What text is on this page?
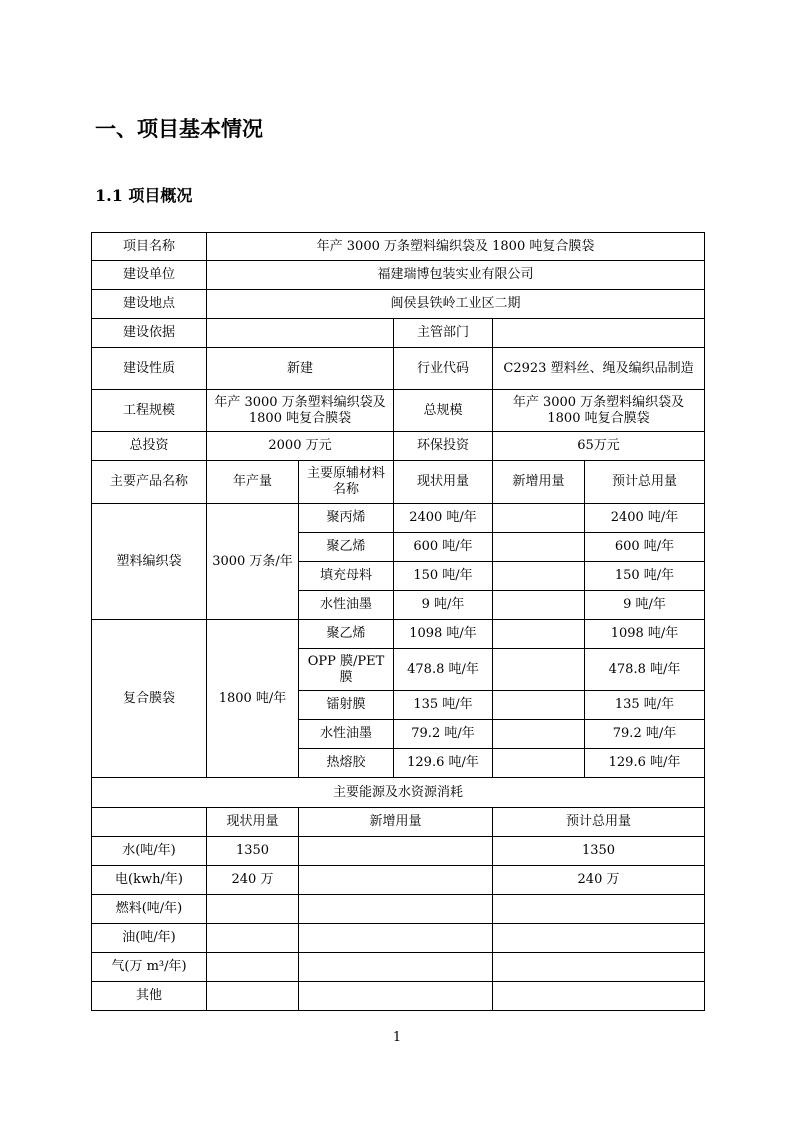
一、项目基本情况
1.1 项目概况
项目名称	年产 3000 万条塑料编织袋及 1800 吨复合膜袋				
建设单位	福建瑞博包装实业有限公司				
建设地点	闽侯县铁岭工业区二期				
建设依据			主管部门		
建设性质	新建		行业代码	C2923 塑料丝、绳及编织品制造	
工程规模	年产 3000 万条塑料编织袋及 1800 吨复合膜袋		总规模	年产 3000 万条塑料编织袋及 1800 吨复合膜袋	
总投资	2000 万元		环保投资	65万元	
主要产品名称	年产量	主要原辅材料名称	现状用量	新增用量	预计总用量
塑料编织袋	3000 万条/年	聚丙烯	2400 吨/年		2400 吨/年
		聚乙烯	600 吨/年		600 吨/年
		填充母料	150 吨/年		150 吨/年
		水性油墨	9 吨/年		9 吨/年
复合膜袋	1800 吨/年	聚乙烯	1098 吨/年		1098 吨/年
		OPP 膜/PET 膜	478.8 吨/年		478.8 吨/年
		镭射膜	135 吨/年		135 吨/年
		水性油墨	79.2 吨/年		79.2 吨/年
		热熔胶	129.6 吨/年		129.6 吨/年
主要能源及水资源消耗					
	现状用量	新增用量		预计总用量	
水(吨/年)	1350			1350	
电(kwh/年)	240 万			240 万	
燃料(吨/年)					
油(吨/年)					
气(万 m³/年)					
其他					
1
